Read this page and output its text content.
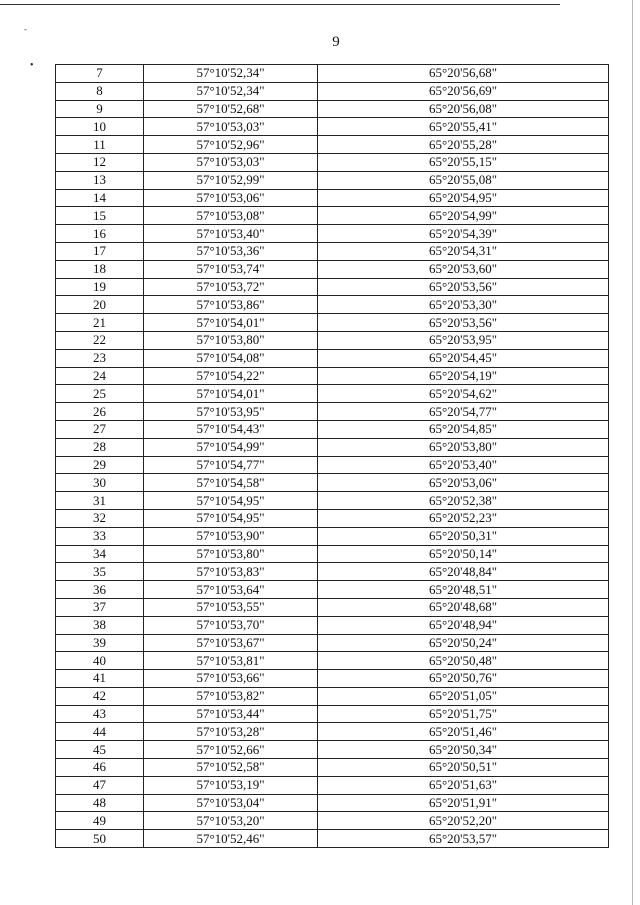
‐
•
9
7	57°10'52,34"	65°20'56,68"
8	57°10'52,34"	65°20'56,69"
9	57°10'52,68"	65°20'56,08"
10	57°10'53,03"	65°20'55,41"
11	57°10'52,96"	65°20'55,28"
12	57°10'53,03"	65°20'55,15"
13	57°10'52,99"	65°20'55,08"
14	57°10'53,06"	65°20'54,95"
15	57°10'53,08"	65°20'54,99"
16	57°10'53,40"	65°20'54,39"
17	57°10'53,36"	65°20'54,31"
18	57°10'53,74"	65°20'53,60"
19	57°10'53,72"	65°20'53,56"
20	57°10'53,86"	65°20'53,30"
21	57°10'54,01"	65°20'53,56"
22	57°10'53,80"	65°20'53,95"
23	57°10'54,08"	65°20'54,45"
24	57°10'54,22"	65°20'54,19"
25	57°10'54,01"	65°20'54,62"
26	57°10'53,95"	65°20'54,77"
27	57°10'54,43"	65°20'54,85"
28	57°10'54,99"	65°20'53,80"
29	57°10'54,77"	65°20'53,40"
30	57°10'54,58"	65°20'53,06"
31	57°10'54,95"	65°20'52,38"
32	57°10'54,95"	65°20'52,23"
33	57°10'53,90"	65°20'50,31"
34	57°10'53,80"	65°20'50,14"
35	57°10'53,83"	65°20'48,84"
36	57°10'53,64"	65°20'48,51"
37	57°10'53,55"	65°20'48,68"
38	57°10'53,70"	65°20'48,94"
39	57°10'53,67"	65°20'50,24"
40	57°10'53,81"	65°20'50,48"
41	57°10'53,66"	65°20'50,76"
42	57°10'53,82"	65°20'51,05"
43	57°10'53,44"	65°20'51,75"
44	57°10'53,28"	65°20'51,46"
45	57°10'52,66"	65°20'50,34"
46	57°10'52,58"	65°20'50,51"
47	57°10'53,19"	65°20'51,63"
48	57°10'53,04"	65°20'51,91"
49	57°10'53,20"	65°20'52,20"
50	57°10'52,46"	65°20'53,57"
